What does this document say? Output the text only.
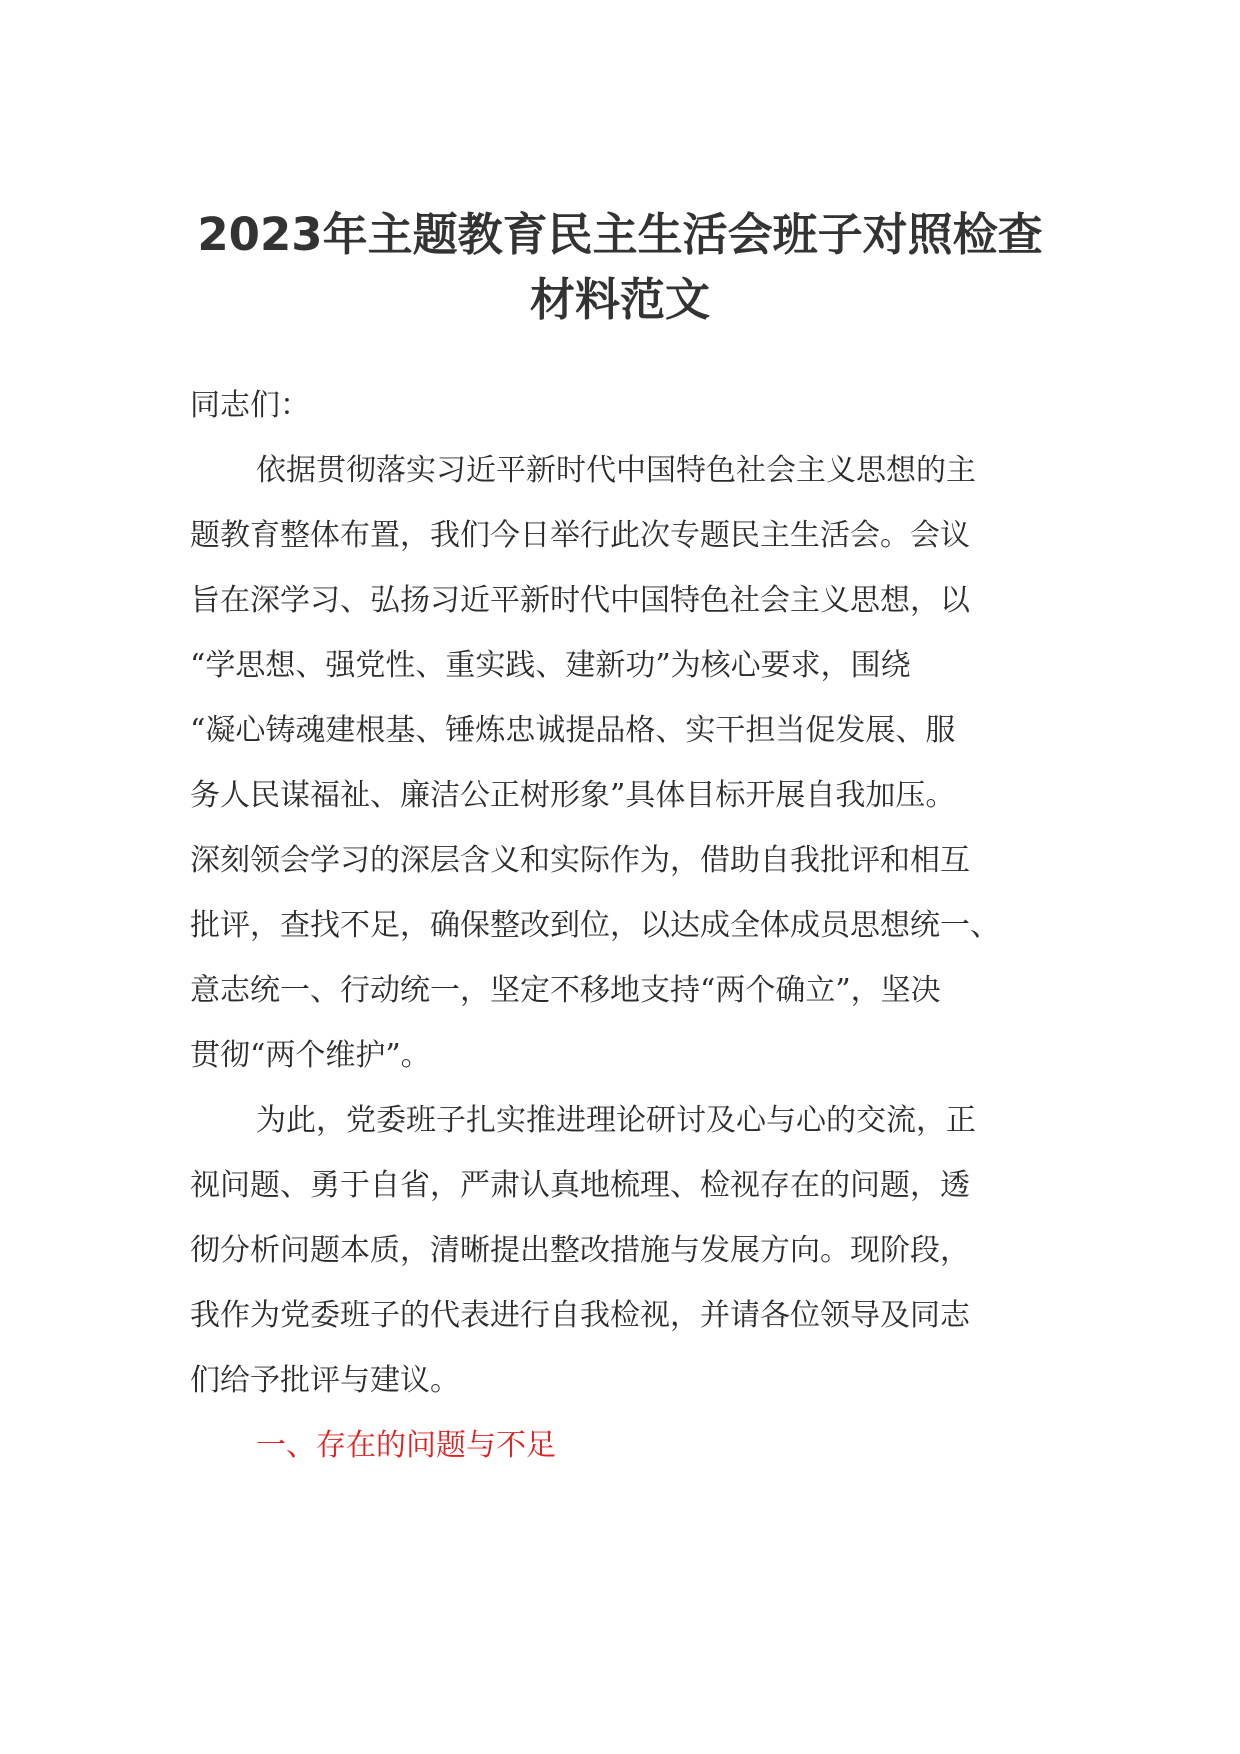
2023年主题教育民主生活会班子对照检查
材料范文

同志们：

依据贯彻落实习近平新时代中国特色社会主义思想的主
题教育整体布置，我们今日举行此次专题民主生活会。会议
旨在深学习、弘扬习近平新时代中国特色社会主义思想，以
“学思想、强党性、重实践、建新功”为核心要求，围绕
“凝心铸魂建根基、锤炼忠诚提品格、实干担当促发展、服
务人民谋福祉、廉洁公正树形象”具体目标开展自我加压。
深刻领会学习的深层含义和实际作为，借助自我批评和相互
批评，查找不足，确保整改到位，以达成全体成员思想统一、
意志统一、行动统一，坚定不移地支持“两个确立”，坚决
贯彻“两个维护”。

为此，党委班子扎实推进理论研讨及心与心的交流，正
视问题、勇于自省，严肃认真地梳理、检视存在的问题，透
彻分析问题本质，清晰提出整改措施与发展方向。现阶段，
我作为党委班子的代表进行自我检视，并请各位领导及同志
们给予批评与建议。

一、存在的问题与不足
